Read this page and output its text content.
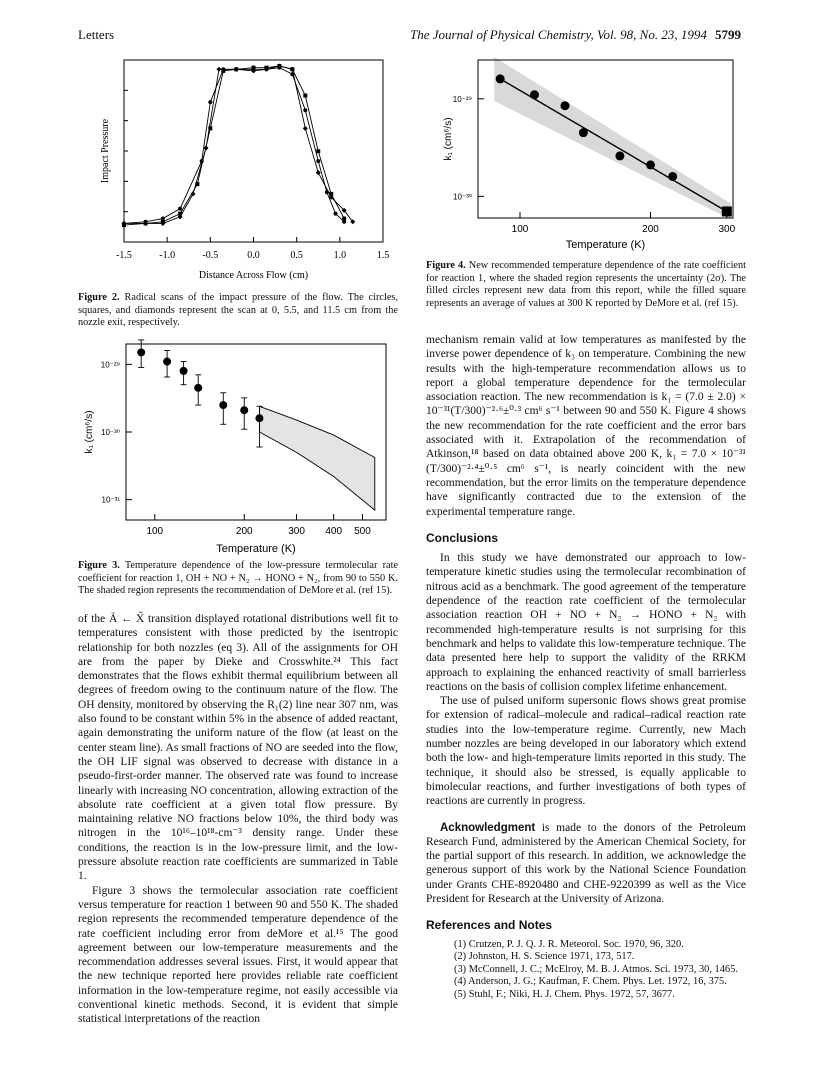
Letters	The Journal of Physical Chemistry, Vol. 98, No. 23, 1994 5799
-1.5	-1.0	-0.5	0.0	0.5	1.0	1.5
Distance Across Flow (cm)
Impact Pressure
Figure 2. Radical scans of the impact pressure of the flow. The circles, squares, and diamonds represent the scan at 0, 5.5, and 11.5 cm from the nozzle exit, respectively.
100	200	300 400 500
10⁻²⁹
10⁻³⁰
10⁻³¹
Temperature (K)
k₁ (cm⁶/s)
Figure 3. Temperature dependence of the low-pressure termolecular rate coefficient for reaction 1, OH + NO + N₂ → HONO + N₂, from 90 to 550 K. The shaded region represents the recommendation of DeMore et al. (ref 15).

of the Ã ← X̃ transition displayed rotational distributions well fit to temperatures consistent with those predicted by the isentropic relationship for both nozzles (eq 3). All of the assignments for OH are from the paper by Dieke and Crosswhite.²⁴ This fact demonstrates that the flows exhibit thermal equilibrium between all degrees of freedom owing to the continuum nature of the flow. The OH density, monitored by observing the R₁(2) line near 307 nm, was also found to be constant within 5% in the absence of added reactant, again demonstrating the uniform nature of the flow (at least on the center steam line). As small fractions of NO are seeded into the flow, the OH LIF signal was observed to decrease with distance in a pseudo-first-order manner. The observed rate was found to increase linearly with increasing NO concentration, allowing extraction of the absolute rate coefficient at a given total flow pressure. By maintaining relative NO fractions below 10%, the third body was nitrogen in the 10¹⁶–10¹⁸-cm⁻³ density range. Under these conditions, the reaction is in the low-pressure limit, and the low-pressure absolute reaction rate coefficients are summarized in Table 1.

Figure 3 shows the termolecular association rate coefficient versus temperature for reaction 1 between 90 and 550 K. The shaded region represents the recommended temperature dependence of the rate coefficient including error from deMore et al.¹⁵ The good agreement between our low-temperature measurements and the recommendation addresses several issues. First, it would appear that the new technique reported here provides reliable rate coefficient information in the low-temperature regime, not easily accessible via conventional kinetic methods. Second, it is evident that simple statistical interpretations of the reaction

100	200	300
10⁻²⁹
10⁻³⁰
Temperature (K)
k₁ (cm⁶/s)
Figure 4. New recommended temperature dependence of the rate coefficient for reaction 1, where the shaded region represents the uncertainty (2σ). The filled circles represent new data from this report, while the filled square represents an average of values at 300 K reported by DeMore et al. (ref 15).

mechanism remain valid at low temperatures as manifested by the inverse power dependence of k₃ on temperature. Combining the new results with the high-temperature recommendation allows us to report a global temperature dependence for the termolecular association reaction. The new recommendation is k₁ = (7.0 ± 2.0) × 10⁻³¹(T/300)⁻²·⁶±⁰·³ cm⁶ s⁻¹ between 90 and 550 K. Figure 4 shows the new recommendation for the rate coefficient and the error bars associated with it. Extrapolation of the recommendation of Atkinson,¹⁸ based on data obtained above 200 K, k₁ = 7.0 × 10⁻³¹ (T/300)⁻²·⁴±⁰·⁵ cm⁶ s⁻¹, is nearly coincident with the new recommendation, but the error limits on the temperature dependence have significantly contracted due to the extension of the experimental temperature range.

Conclusions

In this study we have demonstrated our approach to low-temperature kinetic studies using the termolecular recombination of nitrous acid as a benchmark. The good agreement of the temperature dependence of the reaction rate coefficient of the termolecular association reaction OH + NO + N₂ → HONO + N₂ with recommended high-temperature results is not surprising for this benchmark and helps to validate this low-temperature technique. The data presented here help to support the validity of the RRKM approach to explaining the enhanced reactivity of small barrierless reactions on the basis of collision complex lifetime enhancement.

The use of pulsed uniform supersonic flows shows great promise for extension of radical–molecule and radical–radical reaction rate studies into the low-temperature regime. Currently, new Mach number nozzles are being developed in our laboratory which extend both the low- and high-temperature limits reported in this study. The technique, it should also be stressed, is equally applicable to bimolecular reactions, and further investigations of both types of reactions are currently in progress.

Acknowledgment is made to the donors of the Petroleum Research Fund, administered by the American Chemical Society, for the partial support of this research. In addition, we acknowledge the generous support of this work by the National Science Foundation under Grants CHE-8920480 and CHE-9220399 as well as the Vice President for Research at the University of Arizona.

References and Notes
(1) Crutzen, P. J. Q. J. R. Meteorol. Soc. 1970, 96, 320.
(2) Johnston, H. S. Science 1971, 173, 517.
(3) McConnell, J. C.; McElroy, M. B. J. Atmos. Sci. 1973, 30, 1465.
(4) Anderson, J. G.; Kaufman, F. Chem. Phys. Let. 1972, 16, 375.
(5) Stuhl, F.; Niki, H. J. Chem. Phys. 1972, 57, 3677.
